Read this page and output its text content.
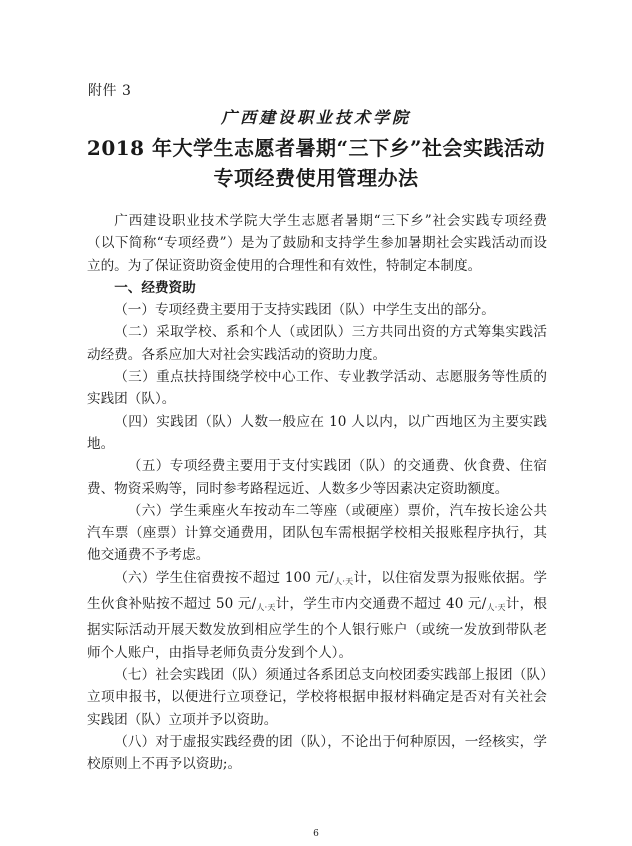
附件 3
广西建设职业技术学院
2018 年大学生志愿者暑期“三下乡”社会实践活动
专项经费使用管理办法

广西建设职业技术学院大学生志愿者暑期“三下乡”社会实践专项经费（以下简称“专项经费”）是为了鼓励和支持学生参加暑期社会实践活动而设立的。为了保证资助资金使用的合理性和有效性，特制定本制度。

一、经费资助

（一）专项经费主要用于支持实践团（队）中学生支出的部分。

（二）采取学校、系和个人（或团队）三方共同出资的方式筹集实践活动经费。各系应加大对社会实践活动的资助力度。

（三）重点扶持围绕学校中心工作、专业教学活动、志愿服务等性质的实践团（队）。

（四）实践团（队）人数一般应在 10 人以内，以广西地区为主要实践地。

（五）专项经费主要用于支付实践团（队）的交通费、伙食费、住宿费、物资采购等，同时参考路程远近、人数多少等因素决定资助额度。

（六）学生乘座火车按动车二等座（或硬座）票价，汽车按长途公共汽车票（座票）计算交通费用，团队包车需根据学校相关报账程序执行，其他交通费不予考虑。

（六）学生住宿费按不超过 100 元$/_{人\cdot 天}$计，以住宿发票为报账依据。学生伙食补贴按不超过 50 元$/_{人\cdot 天}$计，学生市内交通费不超过 40 元$/_{人\cdot 天}$计，根据实际活动开展天数发放到相应学生的个人银行账户（或统一发放到带队老师个人账户，由指导老师负责分发到个人）。

（七）社会实践团（队）须通过各系团总支向校团委实践部上报团（队）立项申报书，以便进行立项登记，学校将根据申报材料确定是否对有关社会实践团（队）立项并予以资助。

（八）对于虚报实践经费的团（队），不论出于何种原因，一经核实，学校原则上不再予以资助;。

6
